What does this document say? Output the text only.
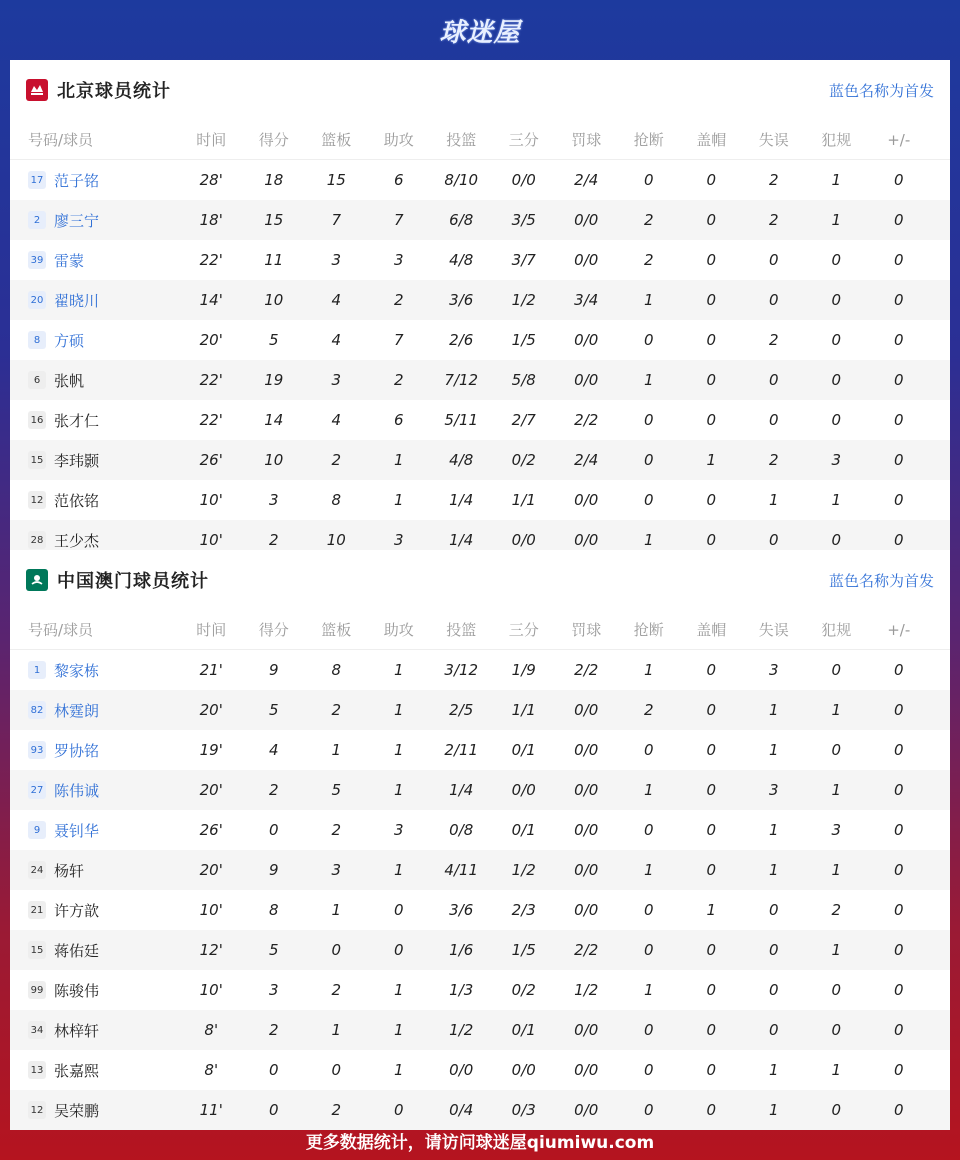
球迷屋
北京球员统计	蓝色名称为首发
号码/球员	时间	得分	篮板	助攻	投篮	三分	罚球	抢断	盖帽	失误	犯规	+/-
17 范子铭	28'	18	15	6	8/10	0/0	2/4	0	0	2	1	0
2 廖三宁	18'	15	7	7	6/8	3/5	0/0	2	0	2	1	0
39 雷蒙	22'	11	3	3	4/8	3/7	0/0	2	0	0	0	0
20 翟晓川	14'	10	4	2	3/6	1/2	3/4	1	0	0	0	0
8 方硕	20'	5	4	7	2/6	1/5	0/0	0	0	2	0	0
6 张帆	22'	19	3	2	7/12	5/8	0/0	1	0	0	0	0
16 张才仁	22'	14	4	6	5/11	2/7	2/2	0	0	0	0	0
15 李玮颢	26'	10	2	1	4/8	0/2	2/4	0	1	2	3	0
12 范依铭	10'	3	8	1	1/4	1/1	0/0	0	0	1	1	0
28 王少杰	10'	2	10	3	1/4	0/0	0/0	1	0	0	0	0
中国澳门球员统计	蓝色名称为首发
号码/球员	时间	得分	篮板	助攻	投篮	三分	罚球	抢断	盖帽	失误	犯规	+/-
1 黎家栋	21'	9	8	1	3/12	1/9	2/2	1	0	3	0	0
82 林霆朗	20'	5	2	1	2/5	1/1	0/0	2	0	1	1	0
93 罗协铭	19'	4	1	1	2/11	0/1	0/0	0	0	1	0	0
27 陈伟诚	20'	2	5	1	1/4	0/0	0/0	1	0	3	1	0
9 聂钊华	26'	0	2	3	0/8	0/1	0/0	0	0	1	3	0
24 杨轩	20'	9	3	1	4/11	1/2	0/0	1	0	1	1	0
21 许方歆	10'	8	1	0	3/6	2/3	0/0	0	1	0	2	0
15 蒋佑廷	12'	5	0	0	1/6	1/5	2/2	0	0	0	1	0
99 陈骏伟	10'	3	2	1	1/3	0/2	1/2	1	0	0	0	0
34 林梓轩	8'	2	1	1	1/2	0/1	0/0	0	0	0	0	0
13 张嘉熙	8'	0	0	1	0/0	0/0	0/0	0	0	1	1	0
12 吴荣鹏	11'	0	2	0	0/4	0/3	0/0	0	0	1	0	0
更多数据统计，请访问球迷屋qiumiwu.com
